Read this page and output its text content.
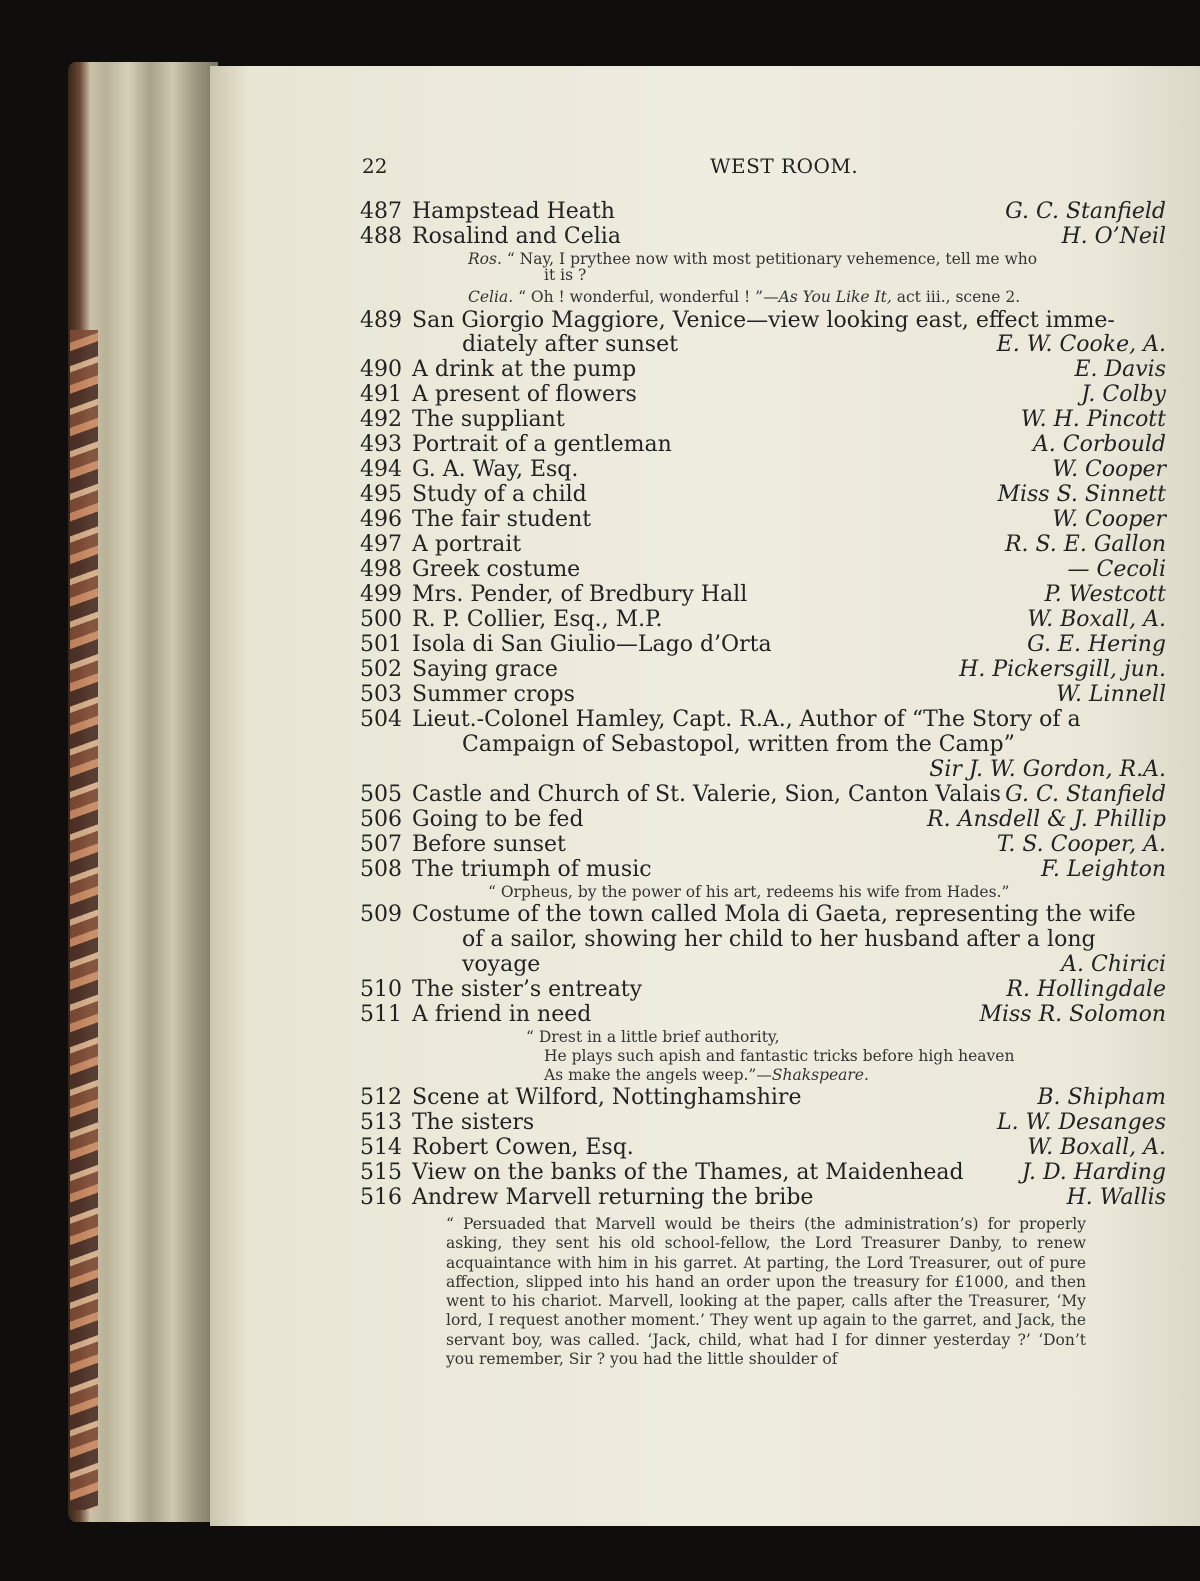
22	WEST ROOM.
487 Hampstead Heath	G. C. Stanfield
488 Rosalind and Celia	H. O’Neil
Ros. “ Nay, I prythee now with most petitionary vehemence, tell me who
it is ?
Celia. “ Oh ! wonderful, wonderful ! ”—As You Like It, act iii., scene 2.
489 San Giorgio Maggiore, Venice—view looking east, effect imme-
diately after sunset	E. W. Cooke, A.
490 A drink at the pump	E. Davis
491 A present of flowers	J. Colby
492 The suppliant	W. H. Pincott
493 Portrait of a gentleman	A. Corbould
494 G. A. Way, Esq.	W. Cooper
495 Study of a child	Miss S. Sinnett
496 The fair student	W. Cooper
497 A portrait	R. S. E. Gallon
498 Greek costume	— Cecoli
499 Mrs. Pender, of Bredbury Hall	P. Westcott
500 R. P. Collier, Esq., M.P.	W. Boxall, A.
501 Isola di San Giulio—Lago d’Orta	G. E. Hering
502 Saying grace	H. Pickersgill, jun.
503 Summer crops	W. Linnell
504 Lieut.-Colonel Hamley, Capt. R.A., Author of “The Story of a
Campaign of Sebastopol, written from the Camp”
Sir J. W. Gordon, R.A.
505 Castle and Church of St. Valerie, Sion, Canton Valais G. C. Stanfield
506 Going to be fed	R. Ansdell & J. Phillip
507 Before sunset	T. S. Cooper, A.
508 The triumph of music	F. Leighton
“ Orpheus, by the power of his art, redeems his wife from Hades.”
509 Costume of the town called Mola di Gaeta, representing the wife
of a sailor, showing her child to her husband after a long
voyage	A. Chirici
510 The sister’s entreaty	R. Hollingdale
511 A friend in need	Miss R. Solomon
“ Drest in a little brief authority,
He plays such apish and fantastic tricks before high heaven
As make the angels weep.”—Shakspeare.
512 Scene at Wilford, Nottinghamshire	B. Shipham
513 The sisters	L. W. Desanges
514 Robert Cowen, Esq.	W. Boxall, A.
515 View on the banks of the Thames, at Maidenhead	J. D. Harding
516 Andrew Marvell returning the bribe	H. Wallis

“ Persuaded that Marvell would be theirs (the administration’s) for properly asking, they sent his old school-fellow, the Lord Treasurer Danby, to renew acquaintance with him in his garret. At parting, the Lord Treasurer, out of pure affection, slipped into his hand an order upon the treasury for £1000, and then went to his chariot. Marvell, looking at the paper, calls after the Treasurer, ‘My lord, I request another moment.’ They went up again to the garret, and Jack, the servant boy, was called. ‘Jack, child, what had I for dinner yesterday ?’ ‘Don’t you remember, Sir ? you had the little shoulder of
